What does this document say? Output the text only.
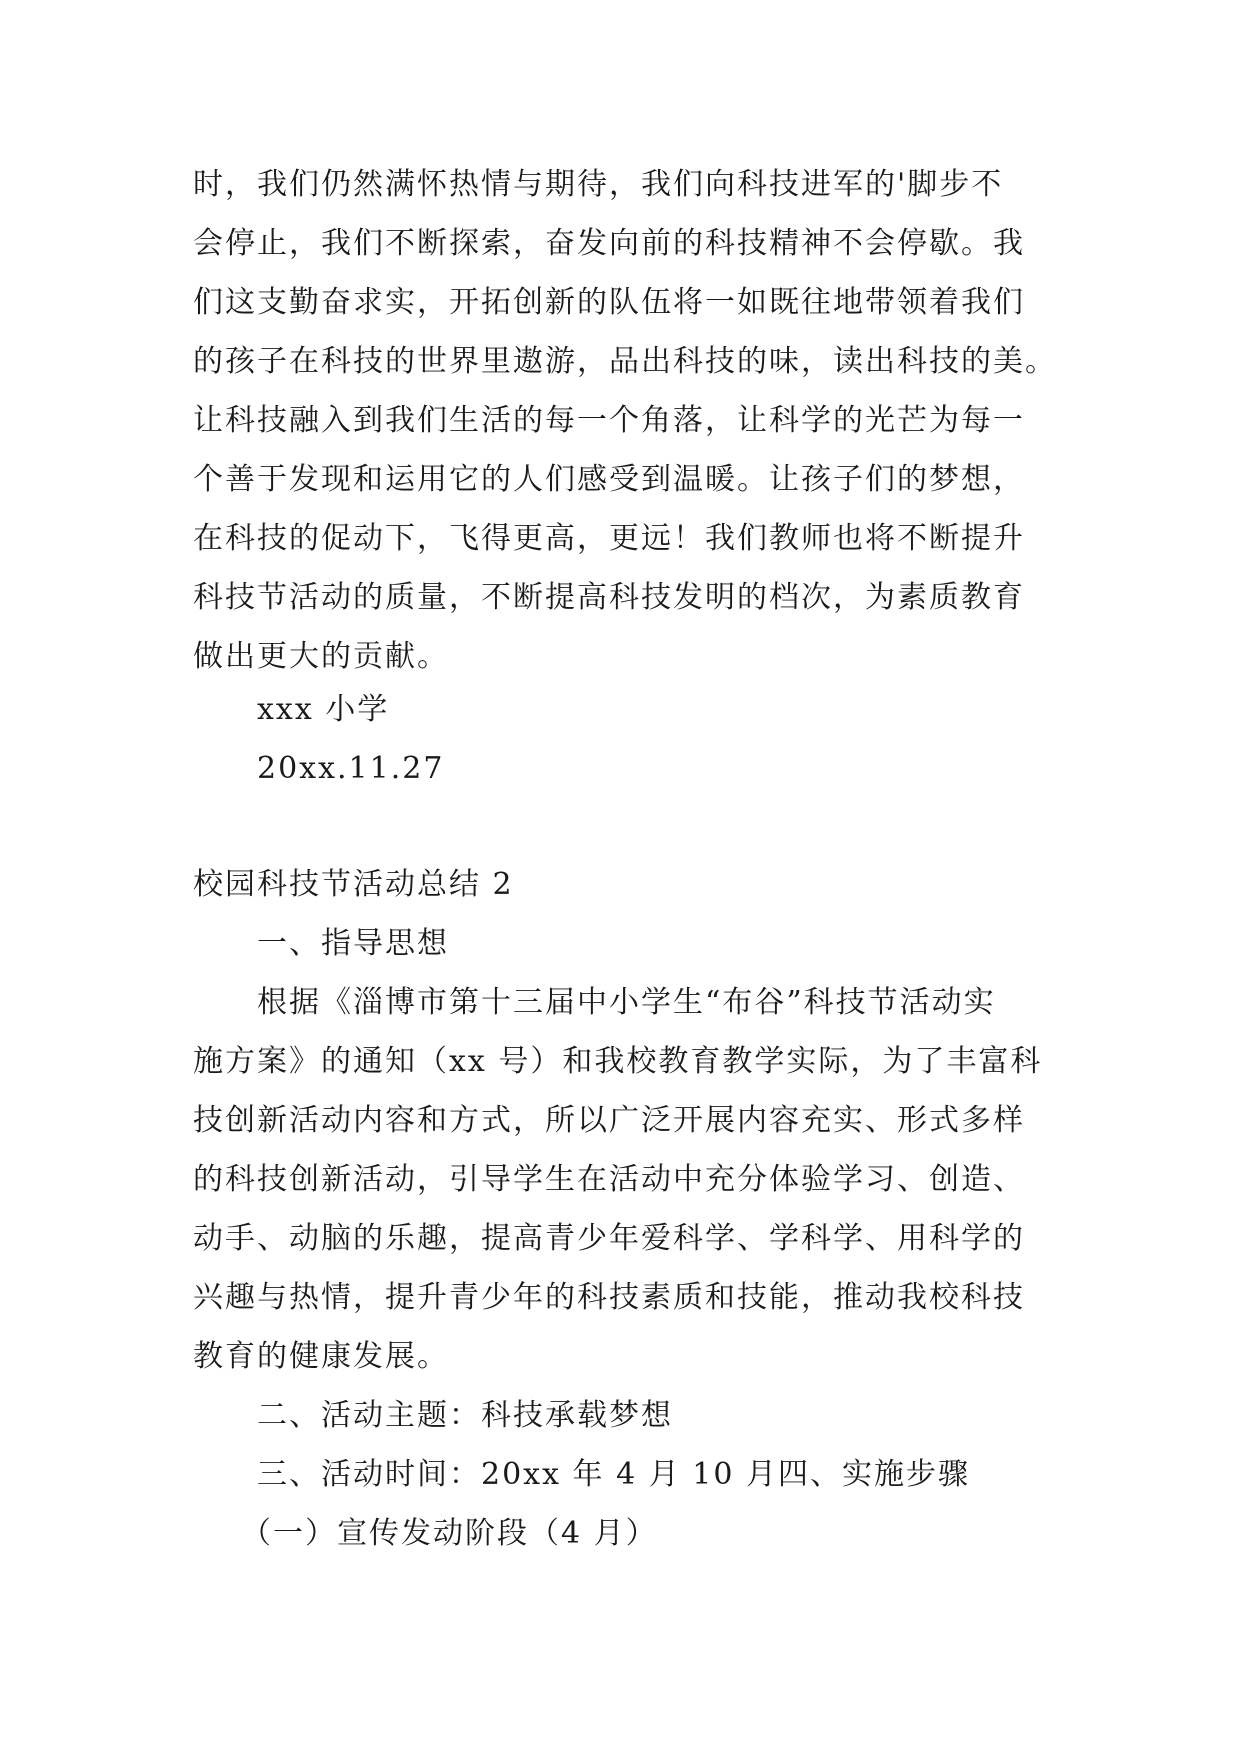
时，我们仍然满怀热情与期待，我们向科技进军的'脚步不
会停止，我们不断探索，奋发向前的科技精神不会停歇。我
们这支勤奋求实，开拓创新的队伍将一如既往地带领着我们
的孩子在科技的世界里遨游，品出科技的味，读出科技的美。
让科技融入到我们生活的每一个角落，让科学的光芒为每一
个善于发现和运用它的人们感受到温暖。让孩子们的梦想，
在科技的促动下，飞得更高，更远！我们教师也将不断提升
科技节活动的质量，不断提高科技发明的档次，为素质教育
做出更大的贡献。
xxx 小学
20xx.11.27
校园科技节活动总结 2
一、指导思想
根据《淄博市第十三届中小学生“布谷”科技节活动实
施方案》的通知（xx 号）和我校教育教学实际，为了丰富科
技创新活动内容和方式，所以广泛开展内容充实、形式多样
的科技创新活动，引导学生在活动中充分体验学习、创造、
动手、动脑的乐趣，提高青少年爱科学、学科学、用科学的
兴趣与热情，提升青少年的科技素质和技能，推动我校科技
教育的健康发展。
二、活动主题：科技承载梦想
三、活动时间：20xx 年 4 月 10 月四、实施步骤
（一）宣传发动阶段（4 月）
